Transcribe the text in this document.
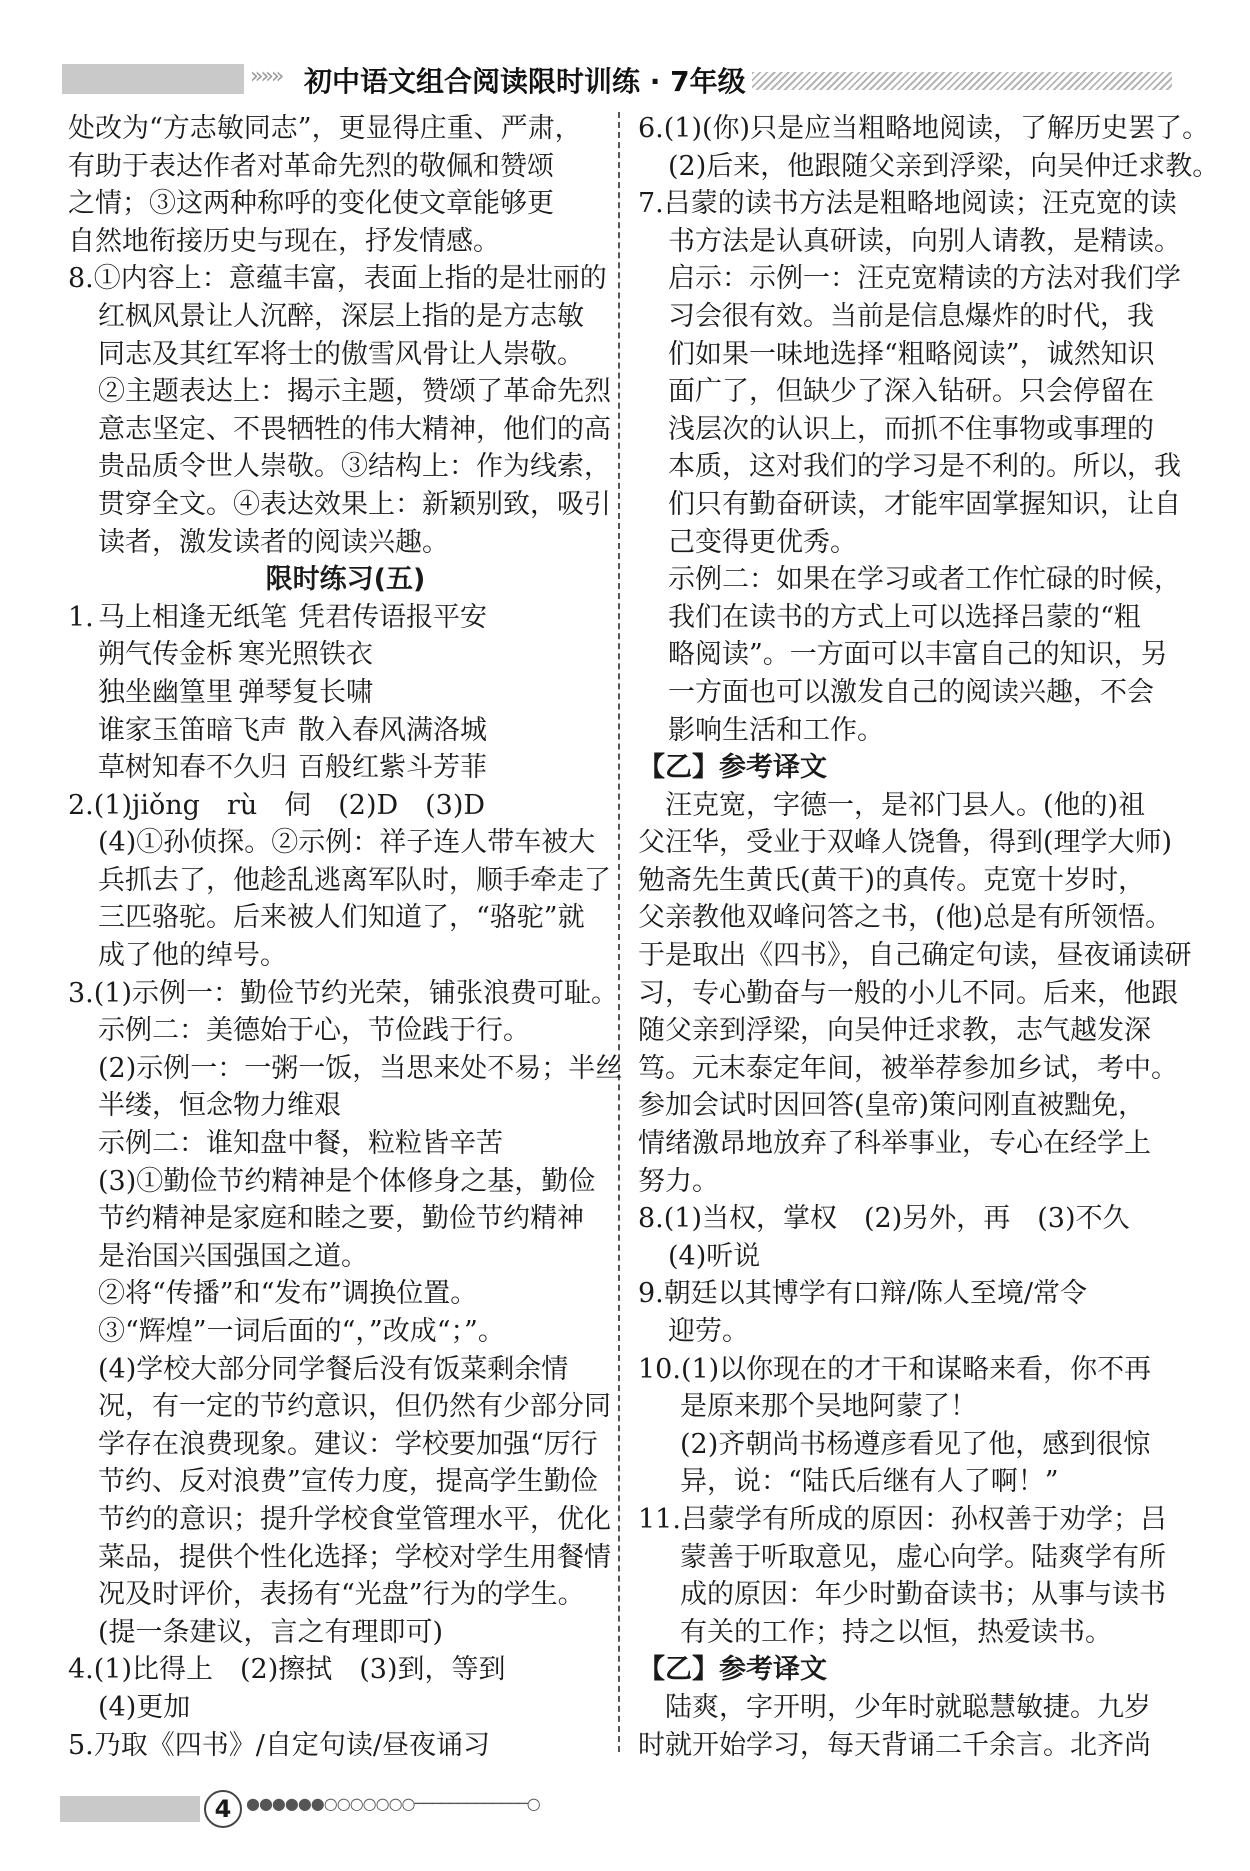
»»» 初中语文组合阅读限时训练 · 7年级
处改为“方志敏同志”，更显得庄重、严肃，
有助于表达作者对革命先烈的敬佩和赞颂
之情；③这两种称呼的变化使文章能够更
自然地衔接历史与现在，抒发情感。
8.①内容上：意蕴丰富，表面上指的是壮丽的
红枫风景让人沉醉，深层上指的是方志敏
同志及其红军将士的傲雪风骨让人崇敬。
②主题表达上：揭示主题，赞颂了革命先烈
意志坚定、不畏牺牲的伟大精神，他们的高
贵品质令世人崇敬。③结构上：作为线索，
贯穿全文。④表达效果上：新颖别致，吸引
读者，激发读者的阅读兴趣。
限时练习(五)
1. 马上相逢无纸笔 凭君传语报平安
朔气传金柝 寒光照铁衣
独坐幽篁里 弹琴复长啸
谁家玉笛暗飞声 散入春风满洛城
草树知春不久归 百般红紫斗芳菲
2.(1)jiǒng　rù　伺　(2)D　(3)D
(4)①孙侦探。②示例：祥子连人带车被大
兵抓去了，他趁乱逃离军队时，顺手牵走了
三匹骆驼。后来被人们知道了，“骆驼”就
成了他的绰号。
3.(1)示例一：勤俭节约光荣，铺张浪费可耻。
示例二：美德始于心，节俭践于行。
(2)示例一：一粥一饭，当思来处不易；半丝
半缕，恒念物力维艰
示例二：谁知盘中餐，粒粒皆辛苦
(3)①勤俭节约精神是个体修身之基，勤俭
节约精神是家庭和睦之要，勤俭节约精神
是治国兴国强国之道。
②将“传播”和“发布”调换位置。
③“辉煌”一词后面的“，”改成“；”。
(4)学校大部分同学餐后没有饭菜剩余情
况，有一定的节约意识，但仍然有少部分同
学存在浪费现象。建议：学校要加强“厉行
节约、反对浪费”宣传力度，提高学生勤俭
节约的意识；提升学校食堂管理水平，优化
菜品，提供个性化选择；学校对学生用餐情
况及时评价，表扬有“光盘”行为的学生。
(提一条建议，言之有理即可)
4.(1)比得上　(2)擦拭　(3)到，等到
(4)更加
5.乃取《四书》/自定句读/昼夜诵习
6.(1)(你)只是应当粗略地阅读，了解历史罢了。
(2)后来，他跟随父亲到浮梁，向吴仲迁求教。
7.吕蒙的读书方法是粗略地阅读；汪克宽的读
书方法是认真研读，向别人请教，是精读。
启示：示例一：汪克宽精读的方法对我们学
习会很有效。当前是信息爆炸的时代，我
们如果一味地选择“粗略阅读”，诚然知识
面广了，但缺少了深入钻研。只会停留在
浅层次的认识上，而抓不住事物或事理的
本质，这对我们的学习是不利的。所以，我
们只有勤奋研读，才能牢固掌握知识，让自
己变得更优秀。
示例二：如果在学习或者工作忙碌的时候，
我们在读书的方式上可以选择吕蒙的“粗
略阅读”。一方面可以丰富自己的知识，另
一方面也可以激发自己的阅读兴趣，不会
影响生活和工作。
【乙】参考译文
　汪克宽，字德一，是祁门县人。(他的)祖
父汪华，受业于双峰人饶鲁，得到(理学大师)
勉斋先生黄氏(黄干)的真传。克宽十岁时，
父亲教他双峰问答之书，(他)总是有所领悟。
于是取出《四书》，自己确定句读，昼夜诵读研
习，专心勤奋与一般的小儿不同。后来，他跟
随父亲到浮梁，向吴仲迁求教，志气越发深
笃。元末泰定年间，被举荐参加乡试，考中。
参加会试时因回答(皇帝)策问刚直被黜免，
情绪激昂地放弃了科举事业，专心在经学上
努力。
8.(1)当权，掌权　(2)另外，再　(3)不久
(4)听说
9.朝廷以其博学有口辩/陈人至境/常令
迎劳。
10.(1)以你现在的才干和谋略来看，你不再
是原来那个吴地阿蒙了！
(2)齐朝尚书杨遵彦看见了他，感到很惊
异，说：“陆氏后继有人了啊！”
11.吕蒙学有所成的原因：孙权善于劝学；吕
蒙善于听取意见，虚心向学。陆爽学有所
成的原因：年少时勤奋读书；从事与读书
有关的工作；持之以恒，热爱读书。
【乙】参考译文
　陆爽，字开明，少年时就聪慧敏捷。九岁
时就开始学习，每天背诵二千余言。北齐尚
4 ●●●●●●○○○○○○○─────────────○
